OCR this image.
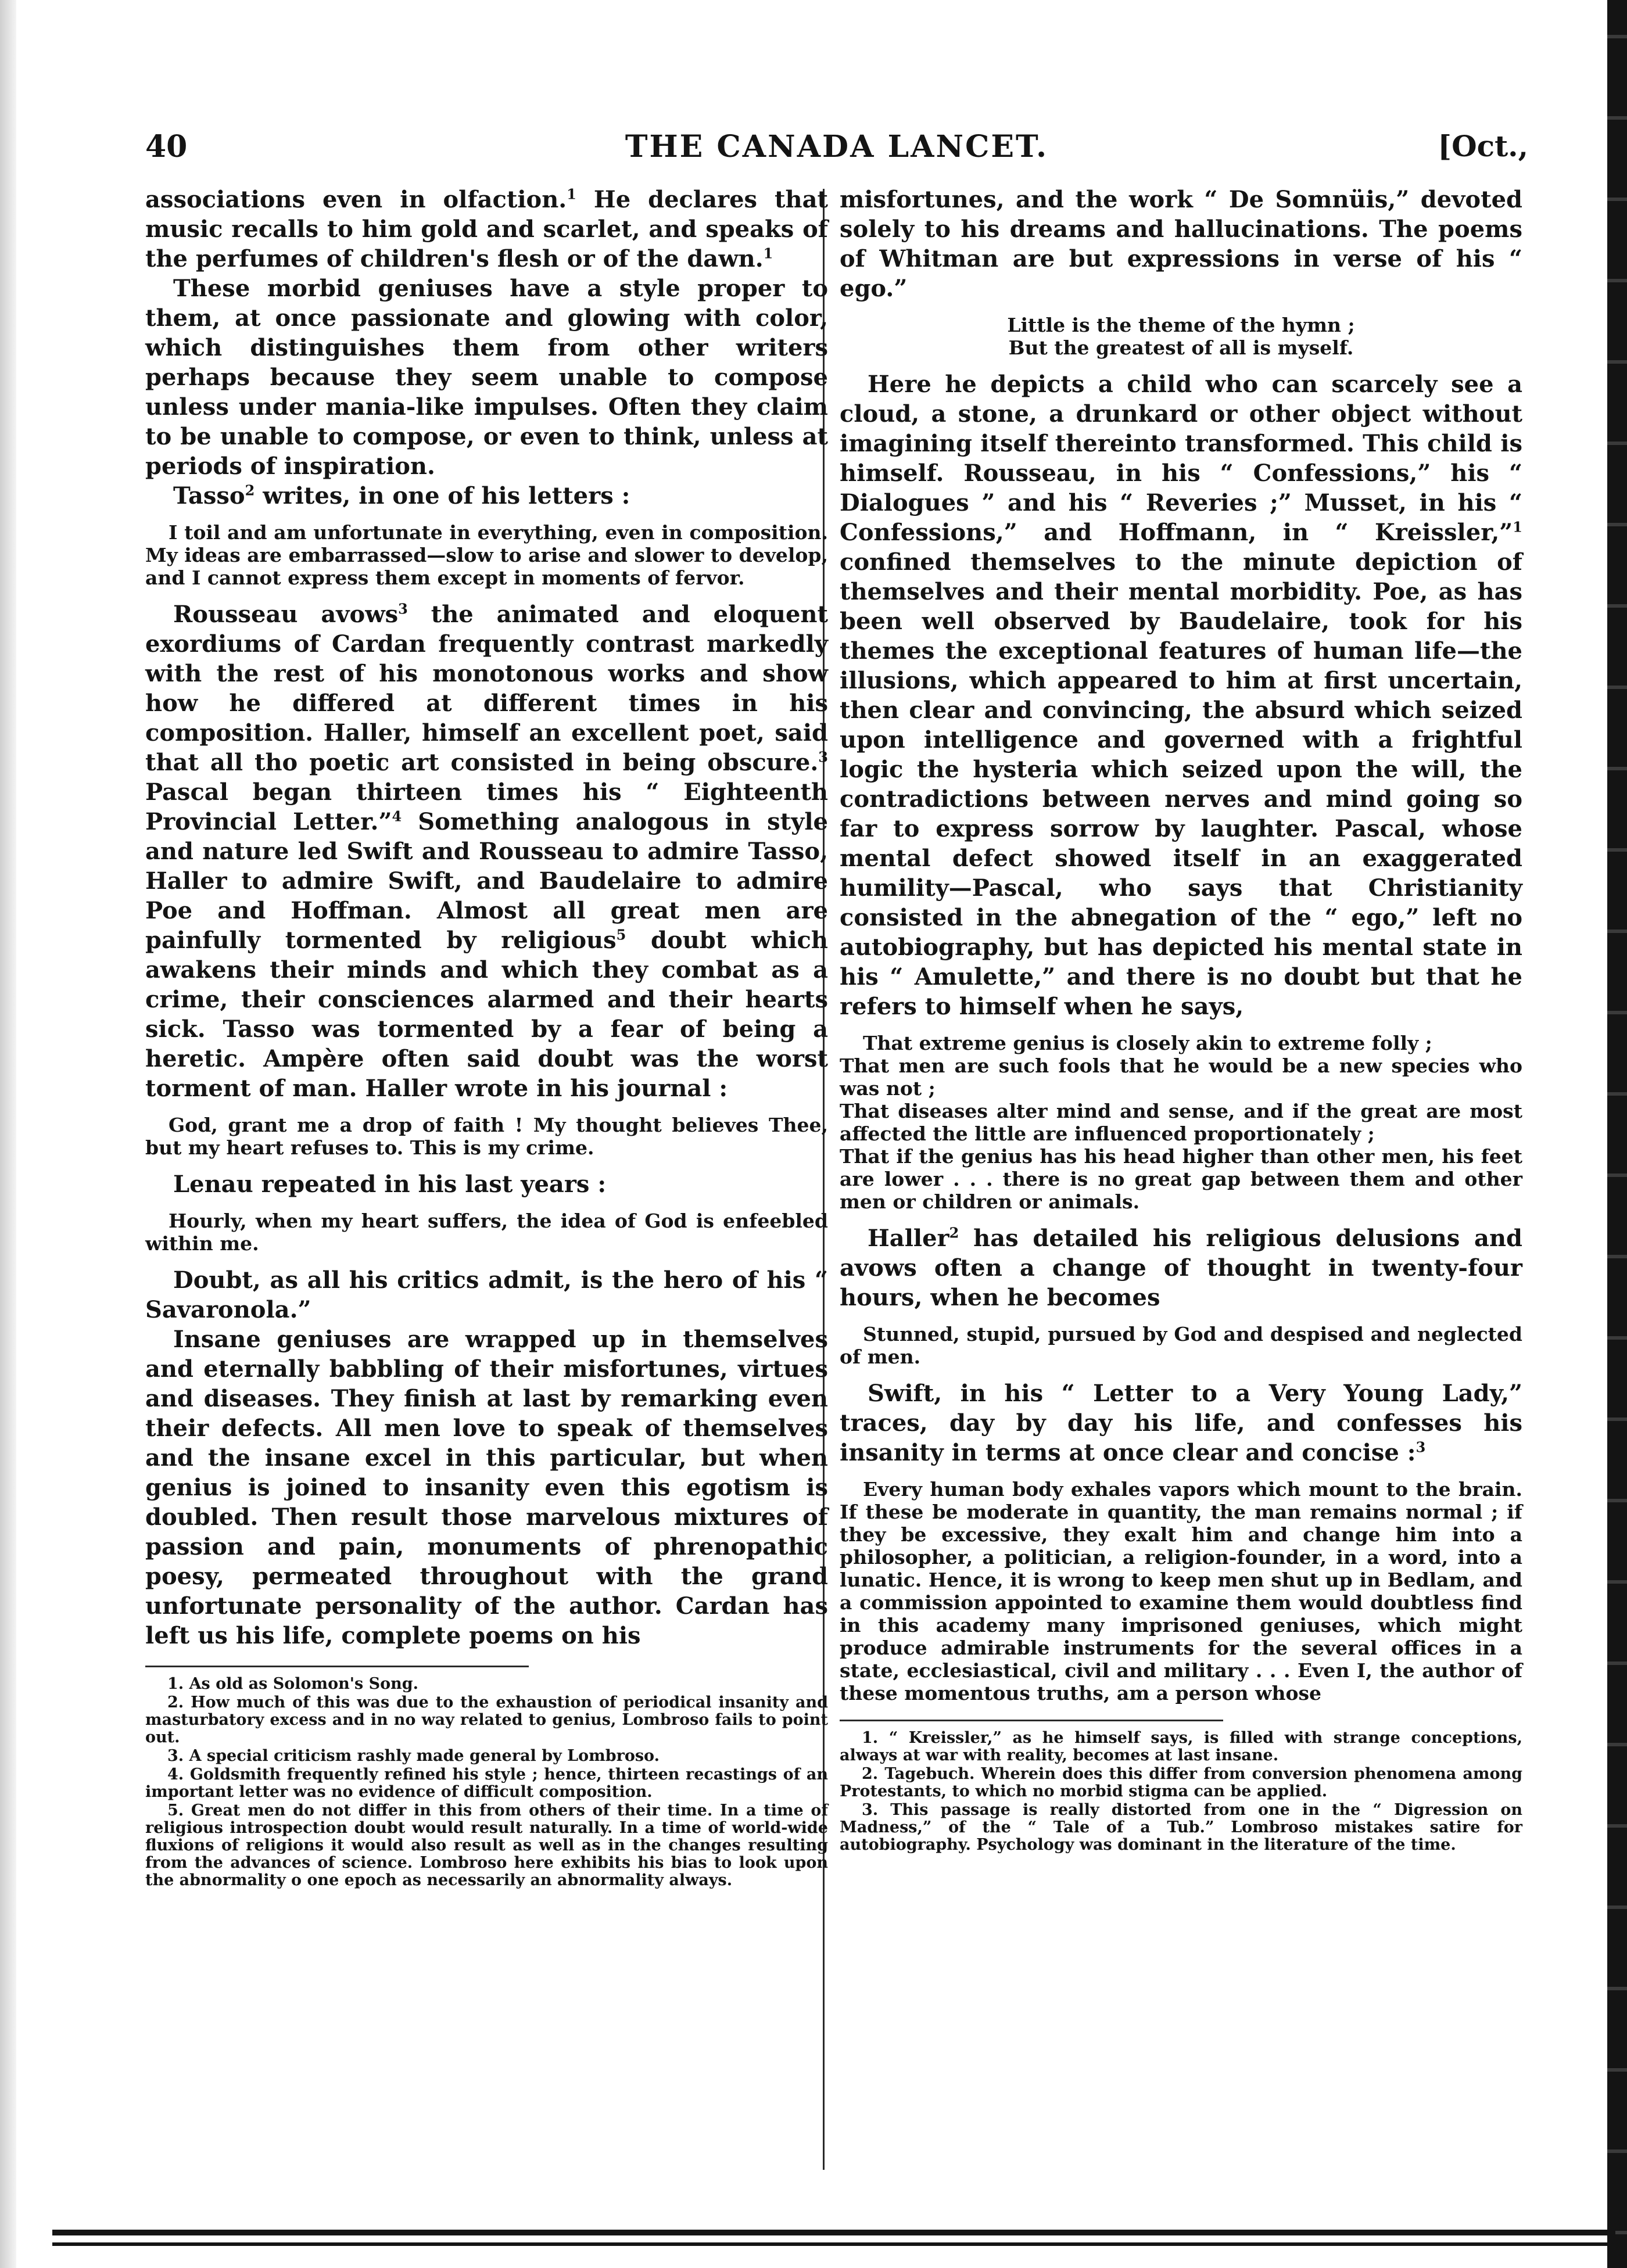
40	THE CANADA LANCET.	[Oct.,

associations even in olfaction.$^1$ He declares that music recalls to him gold and scarlet, and speaks of the perfumes of children's flesh or of the dawn.$^1$

These morbid geniuses have a style proper to them, at once passionate and glowing with color, which distinguishes them from other writers perhaps because they seem unable to compose unless under mania-like impulses. Often they claim to be unable to compose, or even to think, unless at periods of inspiration.

Tasso$^2$ writes, in one of his letters :

I toil and am unfortunate in everything, even in composition. My ideas are embarrassed—slow to arise and slower to develop, and I cannot express them except in moments of fervor.

Rousseau avows$^3$ the animated and eloquent exordiums of Cardan frequently contrast markedly with the rest of his monotonous works and show how he differed at different times in his composition. Haller, himself an excellent poet, said that all tho poetic art consisted in being obscure.$^3$ Pascal began thirteen times his “ Eighteenth Provincial Letter.”$^4$ Something analogous in style and nature led Swift and Rousseau to admire Tasso, Haller to admire Swift, and Baudelaire to admire Poe and Hoffman. Almost all great men are painfully tormented by religious$^5$ doubt which awakens their minds and which they combat as a crime, their consciences alarmed and their hearts sick. Tasso was tormented by a fear of being a heretic. Ampère often said doubt was the worst torment of man. Haller wrote in his journal :

God, grant me a drop of faith ! My thought believes Thee, but my heart refuses to. This is my crime.

Lenau repeated in his last years :

Hourly, when my heart suffers, the idea of God is enfeebled within me.

Doubt, as all his critics admit, is the hero of his “ Savaronola.”

Insane geniuses are wrapped up in themselves and eternally babbling of their misfortunes, virtues and diseases. They finish at last by remarking even their defects. All men love to speak of themselves and the insane excel in this particular, but when genius is joined to insanity even this egotism is doubled. Then result those marvelous mixtures of passion and pain, monuments of phrenopathic poesy, permeated throughout with the grand unfortunate personality of the author. Cardan has left us his life, complete poems on his

1. As old as Solomon's Song.
2. How much of this was due to the exhaustion of periodical insanity and masturbatory excess and in no way related to genius, Lombroso fails to point out.
3. A special criticism rashly made general by Lombroso.
4. Goldsmith frequently refined his style ; hence, thirteen recastings of an important letter was no evidence of difficult composition.
5. Great men do not differ in this from others of their time. In a time of religious introspection doubt would result naturally. In a time of world-wide fluxions of religions it would also result as well as in the changes resulting from the advances of science. Lombroso here exhibits his bias to look upon the abnormality o one epoch as necessarily an abnormality always.

misfortunes, and the work “ De Somnüis,” devoted solely to his dreams and hallucinations. The poems of Whitman are but expressions in verse of his “ ego.”

Little is the theme of the hymn ;
But the greatest of all is myself.

Here he depicts a child who can scarcely see a cloud, a stone, a drunkard or other object without imagining itself thereinto transformed. This child is himself. Rousseau, in his “ Confessions,” his “ Dialogues ” and his “ Reveries ;” Musset, in his “ Confessions,” and Hoffmann, in “ Kreissler,”$^1$ confined themselves to the minute depiction of themselves and their mental morbidity. Poe, as has been well observed by Baudelaire, took for his themes the exceptional features of human life—the illusions, which appeared to him at first uncertain, then clear and convincing, the absurd which seized upon intelligence and governed with a frightful logic the hysteria which seized upon the will, the contradictions between nerves and mind going so far to express sorrow by laughter. Pascal, whose mental defect showed itself in an exaggerated humility—Pascal, who says that Christianity consisted in the abnegation of the “ ego,” left no autobiography, but has depicted his mental state in his “ Amulette,” and there is no doubt but that he refers to himself when he says,

That extreme genius is closely akin to extreme folly ;
That men are such fools that he would be a new species who was not ;
That diseases alter mind and sense, and if the great are most affected the little are influenced proportionately ;
That if the genius has his head higher than other men, his feet are lower . . . there is no great gap between them and other men or children or animals.

Haller$^2$ has detailed his religious delusions and avows often a change of thought in twenty-four hours, when he becomes

Stunned, stupid, pursued by God and despised and neglected of men.

Swift, in his “ Letter to a Very Young Lady,” traces, day by day his life, and confesses his insanity in terms at once clear and concise :$^3$

Every human body exhales vapors which mount to the brain. If these be moderate in quantity, the man remains normal ; if they be excessive, they exalt him and change him into a philosopher, a politician, a religion-founder, in a word, into a lunatic. Hence, it is wrong to keep men shut up in Bedlam, and a commission appointed to examine them would doubtless find in this academy many imprisoned geniuses, which might produce admirable instruments for the several offices in a state, ecclesiastical, civil and military . . . Even I, the author of these momentous truths, am a person whose
1. “ Kreissler,” as he himself says, is filled with strange conceptions, always at war with reality, becomes at last insane.
2. Tagebuch. Wherein does this differ from conversion phenomena among Protestants, to which no morbid stigma can be applied.
3. This passage is really distorted from one in the “ Digression on Madness,” of the “ Tale of a Tub.” Lombroso mistakes satire for autobiography. Psychology was dominant in the literature of the time.
